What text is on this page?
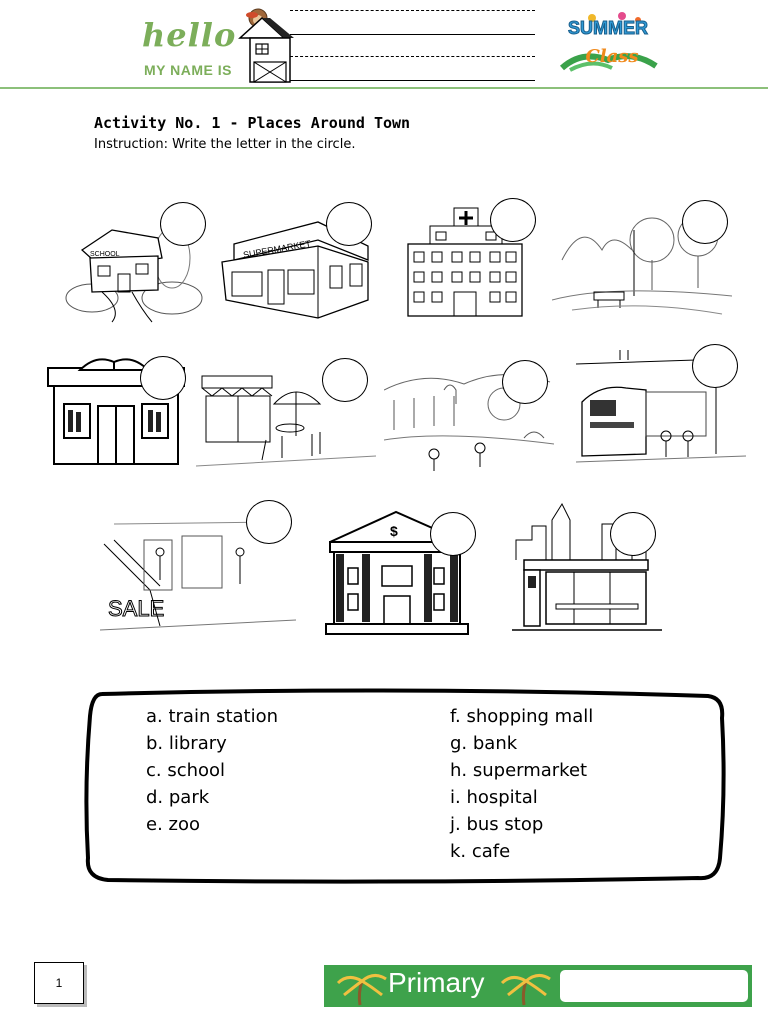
hello
MY NAME IS
SUMMER
Class
Activity No. 1 - Places Around Town
Instruction: Write the letter in the circle.
SCHOOL	SUPERMARKET
SALE
$
a. train station
b. library
c. school
d. park
e. zoo
f. shopping mall
g. bank
h. supermarket
i. hospital
j. bus stop
k. cafe
1	Primary
